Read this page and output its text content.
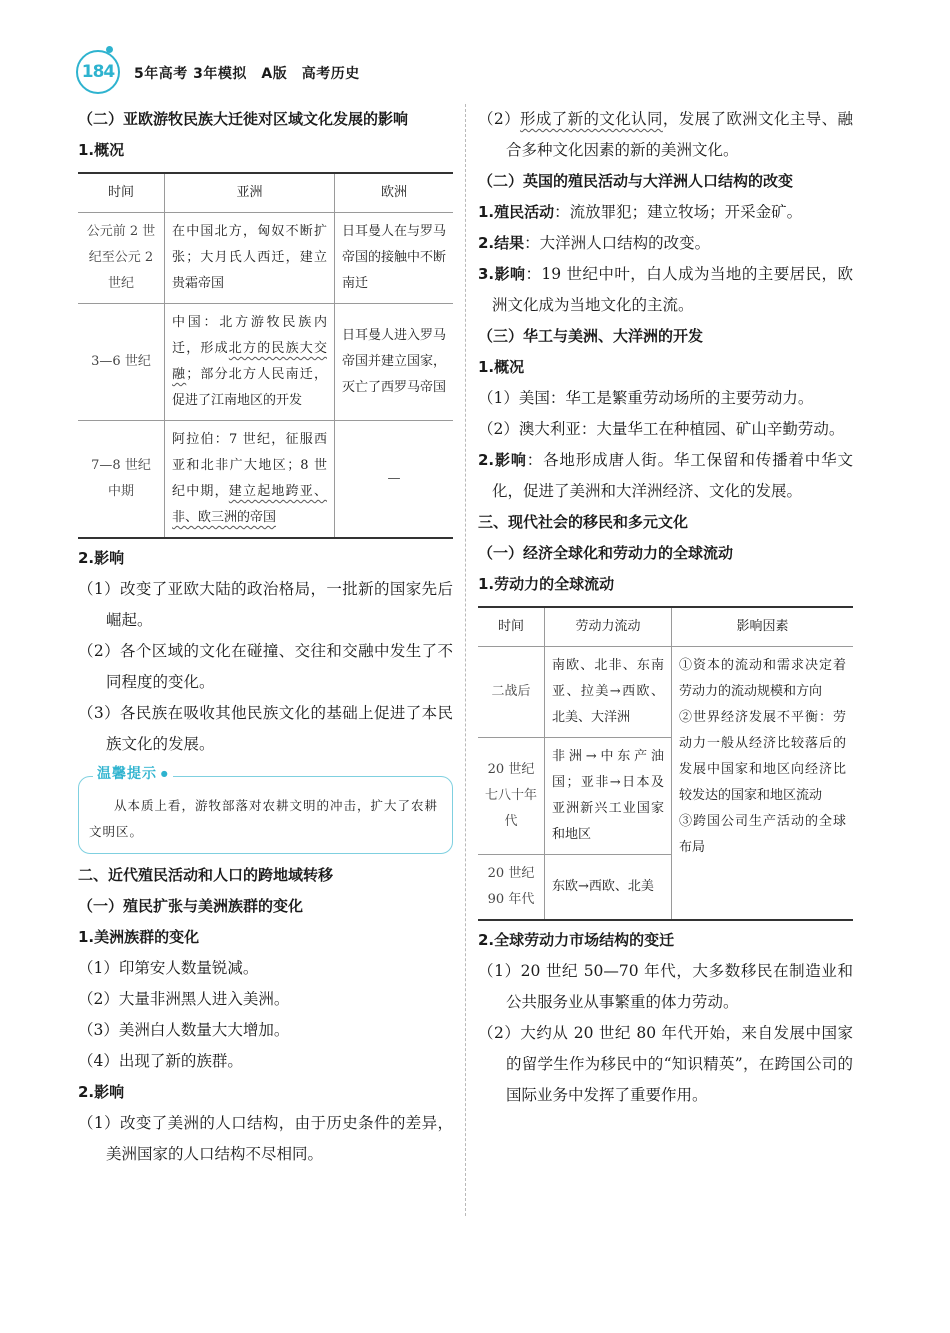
184	5年高考 3年模拟　A版　高考历史
（二）亚欧游牧民族大迁徙对区域文化发展的影响
1.概况
时间	亚洲	欧洲
公元前 2 世纪至公元 2 世纪	在中国北方，匈奴不断扩张；大月氏人西迁，建立贵霜帝国	日耳曼人在与罗马帝国的接触中不断南迁
3—6 世纪	中国：北方游牧民族内迁，形成北方的民族大交融；部分北方人民南迁，促进了江南地区的开发	日耳曼人进入罗马帝国并建立国家，灭亡了西罗马帝国
7—8 世纪中期	阿拉伯：7 世纪，征服西亚和北非广大地区；8 世纪中期，建立起地跨亚、非、欧三洲的帝国	—
2.影响
（1）改变了亚欧大陆的政治格局，一批新的国家先后崛起。
（2）各个区域的文化在碰撞、交往和交融中发生了不同程度的变化。
（3）各民族在吸收其他民族文化的基础上促进了本民族文化的发展。
温馨提示 ●
从本质上看，游牧部落对农耕文明的冲击，扩大了农耕文明区。
二、近代殖民活动和人口的跨地域转移
（一）殖民扩张与美洲族群的变化
1.美洲族群的变化
（1）印第安人数量锐减。
（2）大量非洲黑人进入美洲。
（3）美洲白人数量大大增加。
（4）出现了新的族群。
2.影响
（1）改变了美洲的人口结构，由于历史条件的差异，美洲国家的人口结构不尽相同。
（2）形成了新的文化认同，发展了欧洲文化主导、融合多种文化因素的新的美洲文化。
（二）英国的殖民活动与大洋洲人口结构的改变
1.殖民活动：流放罪犯；建立牧场；开采金矿。
2.结果：大洋洲人口结构的改变。
3.影响：19 世纪中叶，白人成为当地的主要居民，欧洲文化成为当地文化的主流。
（三）华工与美洲、大洋洲的开发
1.概况
（1）美国：华工是繁重劳动场所的主要劳动力。
（2）澳大利亚：大量华工在种植园、矿山辛勤劳动。
2.影响：各地形成唐人街。华工保留和传播着中华文化，促进了美洲和大洋洲经济、文化的发展。
三、现代社会的移民和多元文化
（一）经济全球化和劳动力的全球流动
1.劳动力的全球流动
时间	劳动力流动	影响因素
二战后	南欧、北非、东南亚、拉美→西欧、北美、大洋洲	①资本的流动和需求决定着劳动力的流动规模和方向
②世界经济发展不平衡：劳动力一般从经济比较落后的发展中国家和地区向经济比较发达的国家和地区流动
③跨国公司生产活动的全球布局
20 世纪七八十年代	非洲→中东产油国；亚非→日本及亚洲新兴工业国家和地区	
20 世纪 90 年代	东欧→西欧、北美	
2.全球劳动力市场结构的变迁
（1）20 世纪 50—70 年代，大多数移民在制造业和公共服务业从事繁重的体力劳动。
（2）大约从 20 世纪 80 年代开始，来自发展中国家的留学生作为移民中的“知识精英”，在跨国公司的国际业务中发挥了重要作用。
